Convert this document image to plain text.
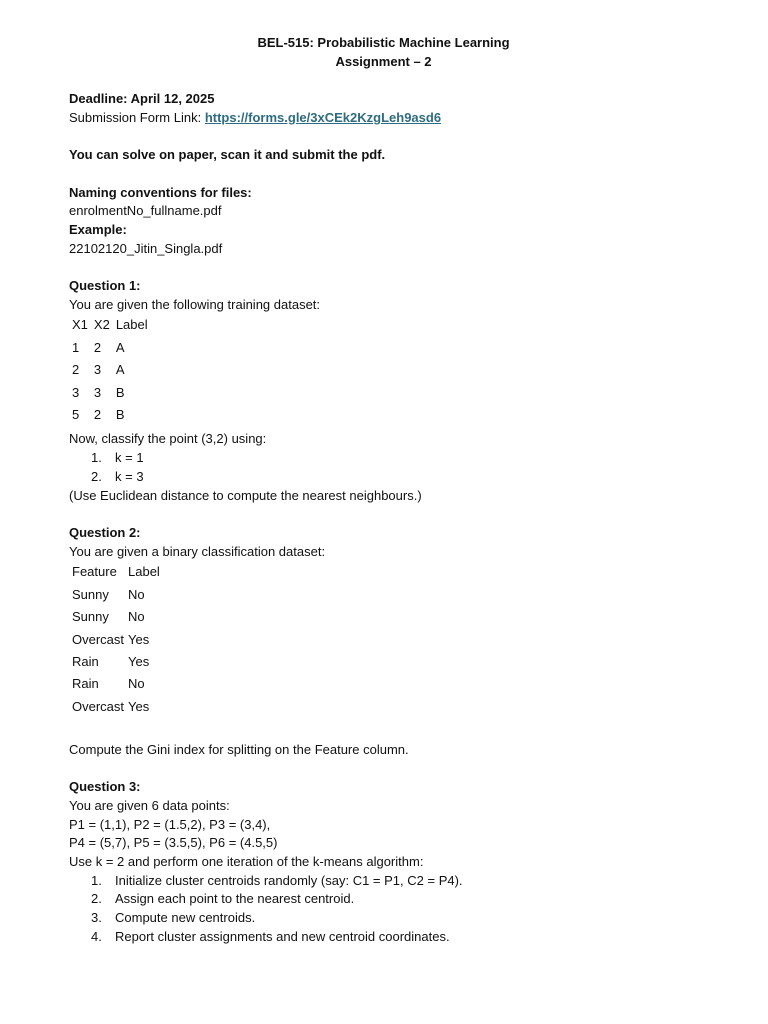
BEL-515: Probabilistic Machine Learning
Assignment – 2
Deadline: April 12, 2025
Submission Form Link: https://forms.gle/3xCEk2KzgLeh9asd6
You can solve on paper, scan it and submit the pdf.
Naming conventions for files:
enrolmentNo_fullname.pdf
Example:
22102120_Jitin_Singla.pdf
Question 1:
You are given the following training dataset:
X1	X2	Label
1	2	A
2	3	A
3	3	B
5	2	B
Now, classify the point (3,2) using:
1.	k = 1
2.	k = 3
(Use Euclidean distance to compute the nearest neighbours.)
Question 2:
You are given a binary classification dataset:
Feature	Label
Sunny	No
Sunny	No
Overcast	Yes
Rain	Yes
Rain	No
Overcast	Yes
Compute the Gini index for splitting on the Feature column.
Question 3:
You are given 6 data points:
P1 = (1,1), P2 = (1.5,2), P3 = (3,4),
P4 = (5,7), P5 = (3.5,5), P6 = (4.5,5)
Use k = 2 and perform one iteration of the k-means algorithm:
1.	Initialize cluster centroids randomly (say: C1 = P1, C2 = P4).
2.	Assign each point to the nearest centroid.
3.	Compute new centroids.
4.	Report cluster assignments and new centroid coordinates.
